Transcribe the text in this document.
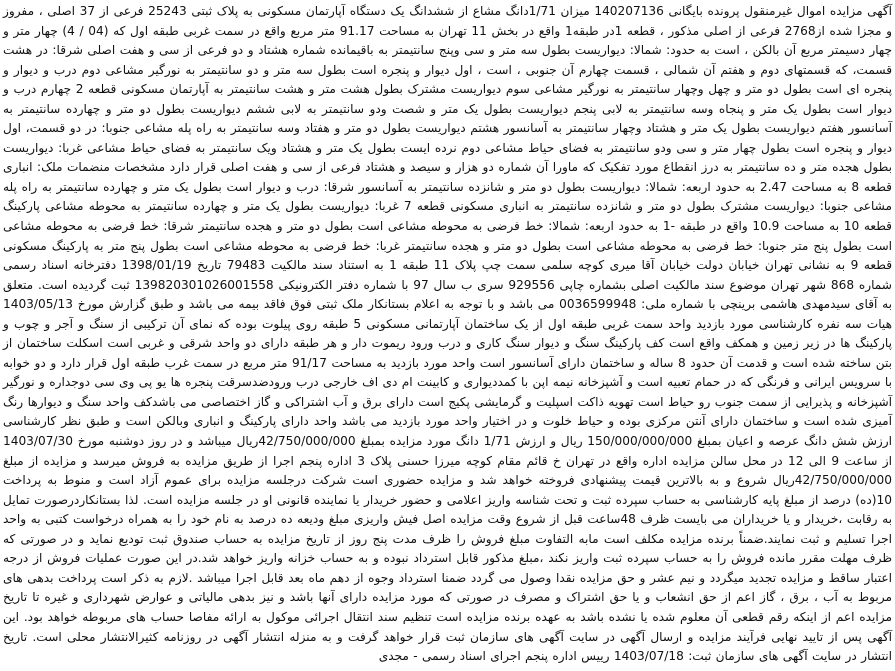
آگهی مزایده اموال غیرمنقول پرونده بایگانی 140207136 میزان 1/71دانگ مشاع از ششدانگ یک دستگاه آپارتمان مسکونی به پلاک ثبتی 25243 فرعی از 37 اصلی ، مفروز و مجزا شده از2768 فرعی از اصلی مذکور ، قطعه 1در طبقه1 واقع در بخش 11 تهران به مساحت 91.17 متر مربع واقع در سمت غربی طبقه اول که (04 / 4) چهار متر و چهار دسیمتر مربع آن بالکن ، است به حدود: شمالا: دیواریست بطول سه متر و سی وپنج سانتیمتر به باقیمانده شماره هشتاد و دو فرعی از سی و هفت اصلی شرقا: در هشت قسمت، که قسمتهای دوم و هفتم آن شمالی ، قسمت چهارم آن جنوبی ، است ، اول دیوار و پنجره است بطول سه متر و دو سانتیمتر به نورگیر مشاعی دوم درب و دیوار و پنجره ای است بطول دو متر و چهل وچهار سانتیمتر به نورگیر مشاعی سوم دیواریست مشترک بطول هشت متر و هشت سانتیمتر به آپارتمان مسکونی قطعه 2 چهارم درب و دیوار است بطول یک متر و پنجاه وسه سانتیمتر به لابی پنجم دیواریست بطول یک متر و شصت ودو سانتیمتر به لابی ششم دیواریست بطول دو متر و چهارده سانتیمتر به آسانسور هفتم دیواریست بطول یک متر و هشتاد وچهار سانتیمتر به آسانسور هشتم دیواریست بطول دو متر و هفتاد وسه سانتیمتر به راه پله مشاعی جنوبا: در دو قسمت، اول دیوار و پنجره است بطول چهار متر و سی ودو سانتیمتر به فضای حیاط مشاعی دوم نرده ایست بطول یک متر و هشتاد ویک سانتیمتر به فضای حیاط مشاعی غربا: دیواریست بطول هجده متر و ده سانتیمتر به درز انقطاع مورد تفکیک که ماورا آن شماره دو هزار و سیصد و هشتاد فرعی از سی و هفت اصلی قرار دارد مشخصات منضمات ملک: انباری قطعه 8 به مساحت 2.47 به حدود اربعه: شمالا: دیواریست بطول دو متر و شانزده سانتیمتر به آسانسور شرقا: درب و دیوار است بطول یک متر و چهارده سانتیمتر به راه پله مشاعی جنوبا: دیواریست مشترک بطول دو متر و شانزده سانتیمتر به انباری مسکونی قطعه 7 غربا: دیواریست بطول یک متر و چهارده سانتیمتر به محوطه مشاعی پارکینگ قطعه 10 به مساحت 10.9 واقع در طبقه -1 به حدود اربعه: شمالا: خط فرضی به محوطه مشاعی است بطول دو متر و هجده سانتیمتر شرقا: خط فرضی به محوطه مشاعی است بطول پنج متر جنوبا: خط فرضی به محوطه مشاعی است بطول دو متر و هجده سانتیمتر غربا: خط فرضی به محوطه مشاعی است بطول پنج متر به پارکینگ مسکونی قطعه 9 به نشانی تهران خیابان دولت خیابان آقا میری کوچه سلمی سمت چپ پلاک 11 طبقه 1 به استناد سند مالکیت 79483 تاریخ 1398/01/19 دفترخانه اسناد رسمی شماره 868 شهر تهران موضوع سند مالکیت اصلی بشماره چاپی 929556 سری ب سال 97 با شماره دفتر الکترونیکی 139820301026001558 ثبت گردیده است. متعلق به آقای سیدمهدی هاشمی برینچی با شماره ملی: 0036599948 می باشد و با توجه به اعلام بستانکار ملک ثبتی فوق فاقد بیمه می باشد و طبق گزارش مورخ 1403/05/13 هیات سه نفره کارشناسی مورد بازدید واحد سمت غربی طبقه اول از یک ساختمان آپارتمانی مسکونی 5 طبقه روی پیلوت بوده که نمای آن ترکیبی از سنگ و آجر و چوب و پارکینگ ها در زیر زمین و همکف واقع است کف پارکینگ سنگ و دیوار سنگ کاری و درب ورود ریموت دار و هر طبقه دارای دو واحد شرقی و غربی است اسکلت ساختمان از بتن ساخته شده است و قدمت آن حدود 8 ساله و ساختمان دارای آسانسور است واحد مورد بازدید به مساحت 91/17 متر مربع در سمت غرب طبقه اول قرار دارد و دو خوابه با سرویس ایرانی و فرنگی که در حمام تعبیه است و آشپزخانه نیمه اپن با کمددیواری و کابینت ام دی اف خارجی درب ورودضدسرقت پنجره ها یو پی وی سی دوجداره و نورگیر آشپزخانه و پذیرایی از سمت جنوب رو حیاط است تهویه ذاکت اسپلیت و گرمایشی پکیج است دارای برق و آب اشتراکی و گاز اختصاصی می باشدکف واحد سنگ و دیوارها رنگ آمیزی شده است و ساختمان دارای آنتن مرکزی بوده و حیاط خلوت و در اختیار واحد مورد بازدید می باشد واحد دارای پارکینگ و انباری وبالکن است و طبق نظر کارشناسی ارزش شش دانگ عرصه و اعیان بمبلغ 150/000/000/000 ریال و ارزش 1/71 دانگ مورد مزایده بمبلغ 42/750/000/000ریال میباشد و در روز دوشنبه مورخ 1403/07/30 از ساعت 9 الی 12 در محل سالن مزایده اداره واقع در تهران خ قائم مقام کوچه میرزا حسنی پلاک 3 اداره پنجم اجرا از طریق مزایده به فروش میرسد و مزایده از مبلغ 42/750/000/000ریال شروع و به بالاترین قیمت پیشنهادی فروخته خواهد شد و مزایده حضوری است شرکت درجلسه مزایده برای عموم آزاد است و منوط به پرداخت 10(ده) درصد از مبلغ پایه کارشناسی به حساب سپرده ثبت و تحت شناسه واریز اعلامی و حضور خریدار یا نماینده قانونی او در جلسه مزایده است. لذا بستانکاردرصورت تمایل به رقابت ،خریدار و یا خریداران می بایست ظرف 48ساعت قبل از شروع وقت مزایده اصل فیش واریزی مبلغ ودیعه ده درصد به نام خود را به همراه درخواست کتبی به واحد اجرا تسلیم و ثبت نمایند.ضمناً برنده مزایده مکلف است مابه التفاوت مبلغ فروش را ظرف مدت پنج روز از تاریخ مزایده به حساب صندوق ثبت تودیع نماید و در صورتی که ظرف مهلت مقرر مانده فروش را به حساب سپرده ثبت واریز نکند ،مبلغ مذکور قابل استرداد نبوده و به حساب خزانه واریز خواهد شد.در این صورت عملیات فروش از درجه اعتبار ساقط و مزایده تجدید میگردد و نیم عشر و حق مزایده نقدا وصول می گردد ضمنا استرداد وجوه از دهم ماه بعد قابل اجرا میباشد .لازم به ذکر است پرداخت بدهی های مربوط به آب ، برق ، گاز اعم از حق انشعاب و یا حق اشتراک و مصرف در صورتی که مورد مزایده دارای آنها باشد و نیز بدهی مالیاتی و عوارض شهرداری و غیره تا تاریخ مزایده اعم از اینکه رقم قطعی آن معلوم شده یا نشده باشد به عهده برنده مزایده است تنظیم سند انتقال اجرائی موکول به ارائه مفاصا حساب های مربوطه خواهد بود. این آگهی پس از تایید نهایی فرآیند مزایده و ارسال آگهی در سایت آگهی های سازمان ثبت قرار خواهد گرفت و به منزله انتشار آگهی در روزنامه کثیرالانتشار محلی است. تاریخ انتشار در سایت آگهی های سازمان ثبت: 1403/07/18 رییس اداره پنجم اجرای اسناد رسمی - مجدی
